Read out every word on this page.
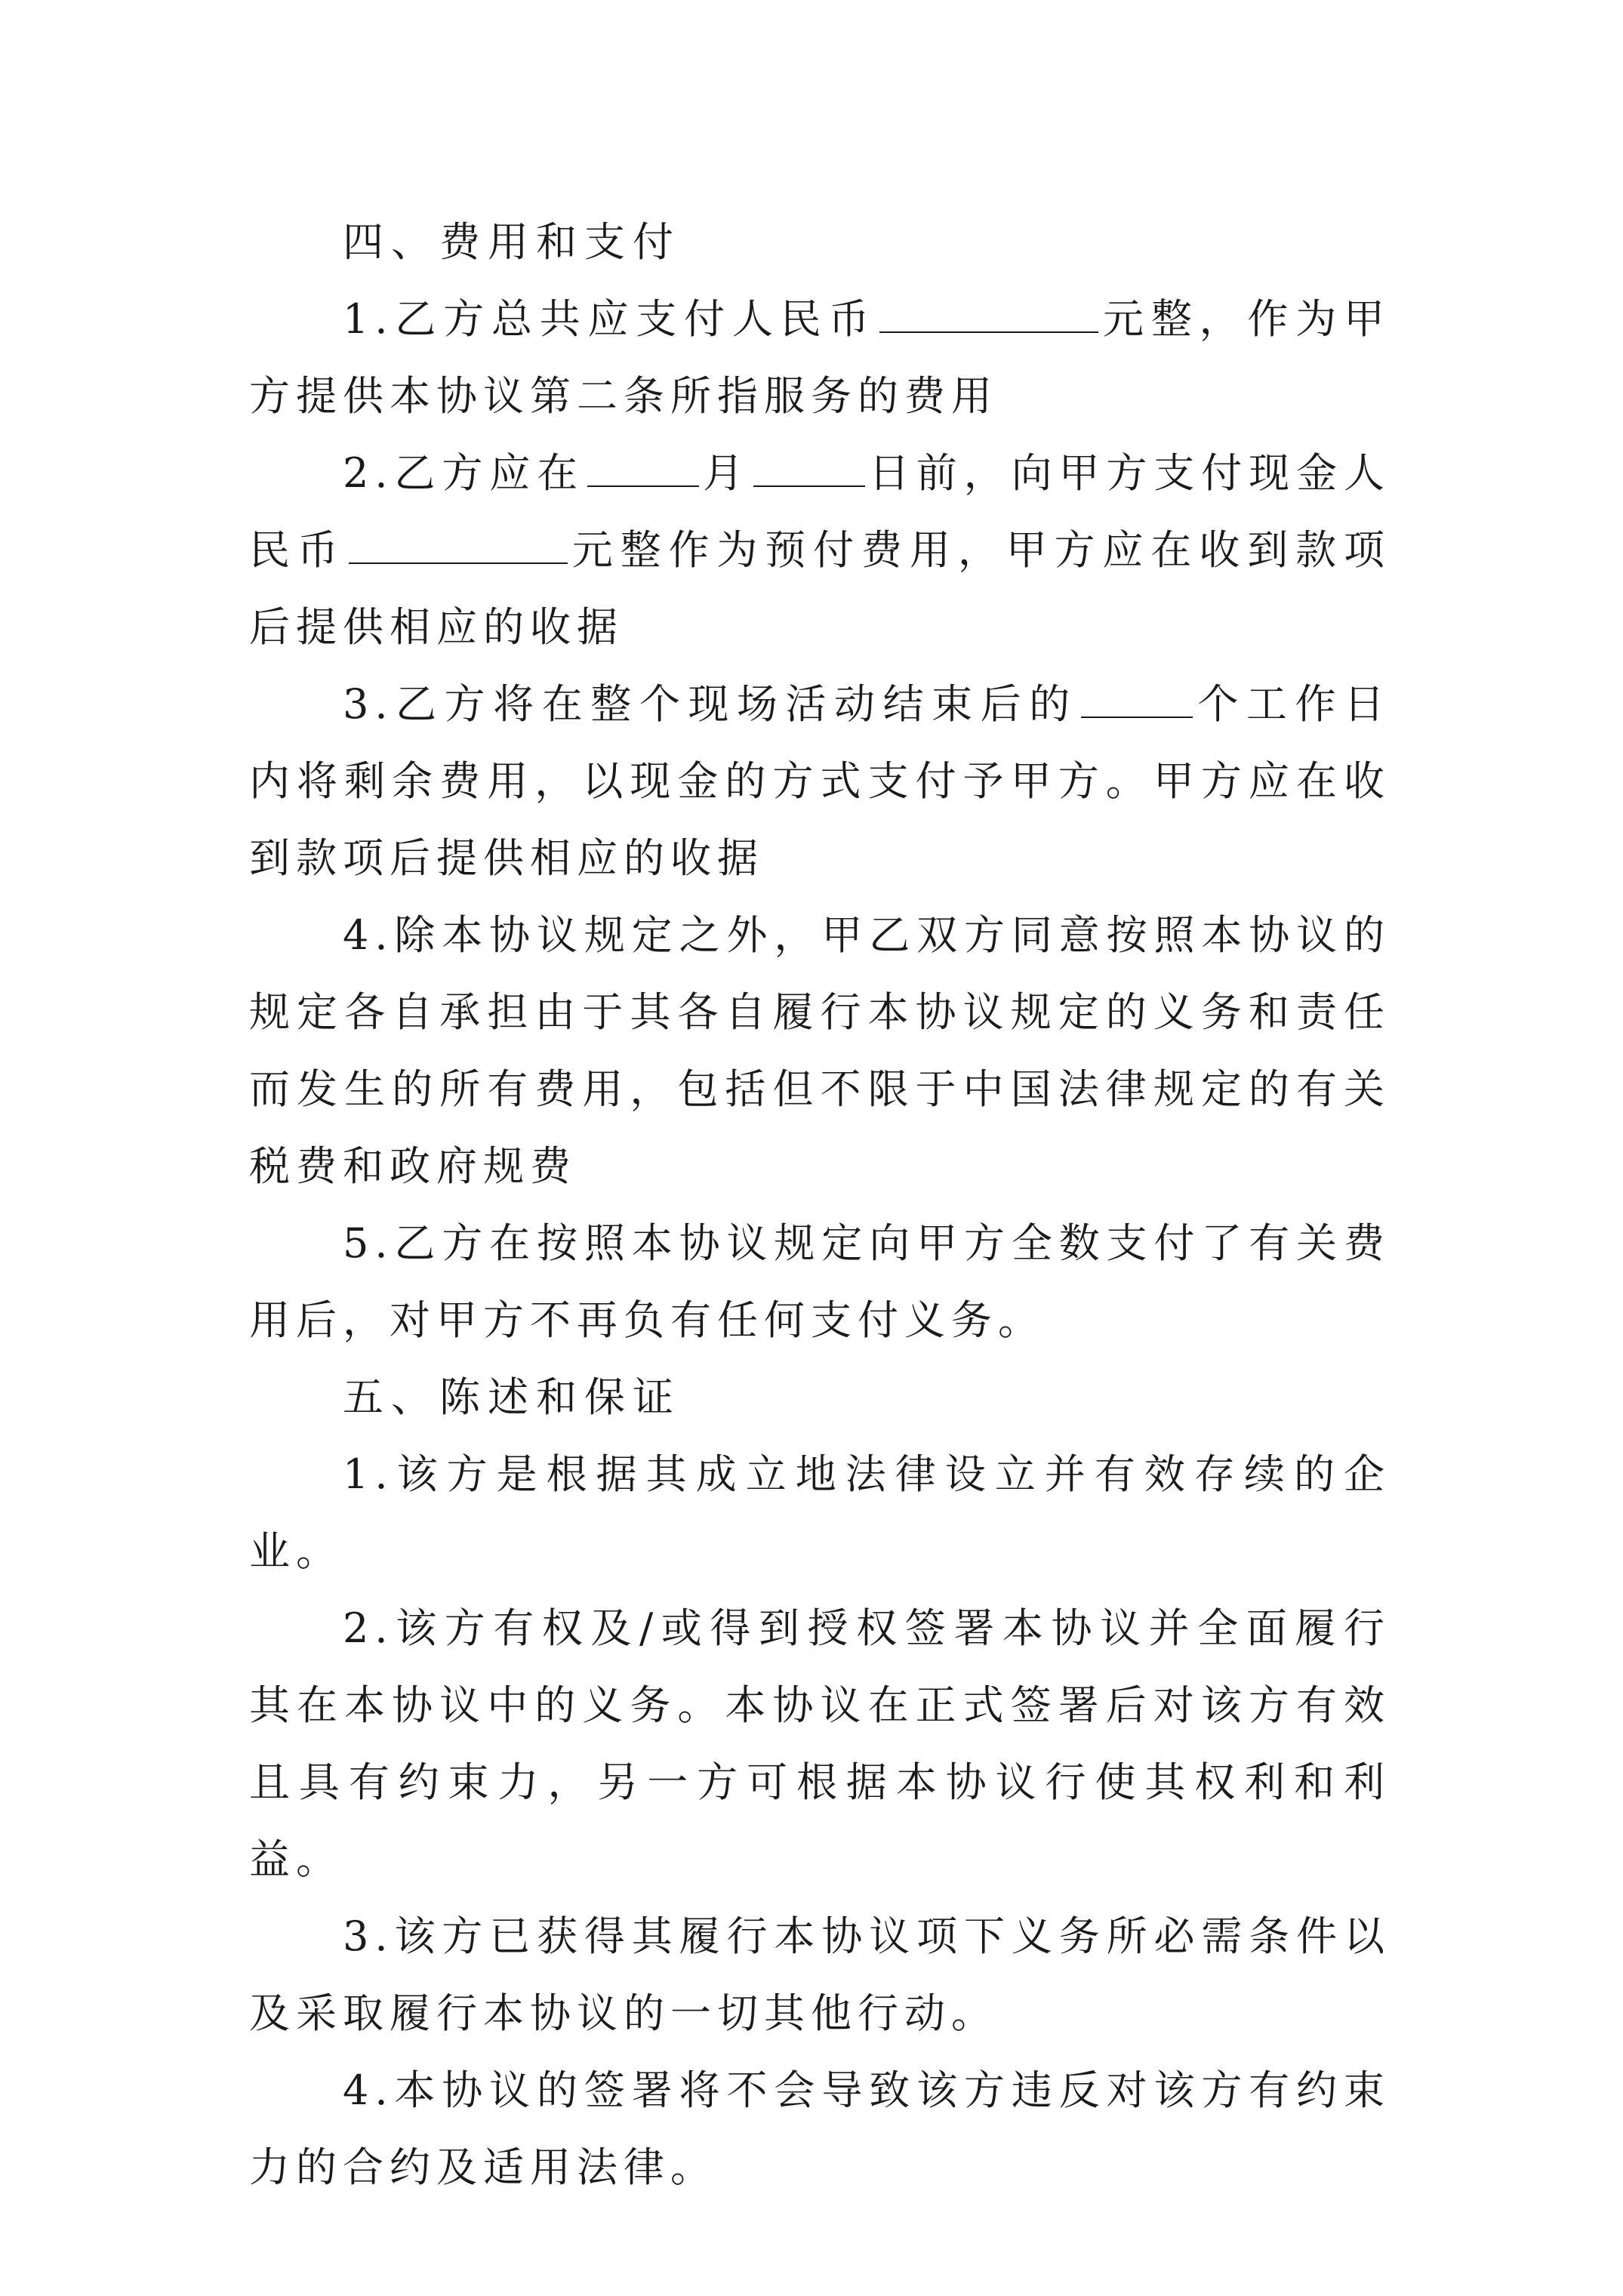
四、费用和支付

1.乙方总共应支付人民币	元整，作为甲方提供本协议第二条所指服务的费用

2.乙方应在	月	日前，向甲方支付现金人民币	元整作为预付费用，甲方应在收到款项后提供相应的收据

3.乙方将在整个现场活动结束后的	个工作日内将剩余费用，以现金的方式支付予甲方。甲方应在收到款项后提供相应的收据

4.除本协议规定之外，甲乙双方同意按照本协议的规定各自承担由于其各自履行本协议规定的义务和责任而发生的所有费用，包括但不限于中国法律规定的有关税费和政府规费

5.乙方在按照本协议规定向甲方全数支付了有关费用后，对甲方不再负有任何支付义务。

五、陈述和保证

1.该方是根据其成立地法律设立并有效存续的企业。

2.该方有权及/或得到授权签署本协议并全面履行其在本协议中的义务。本协议在正式签署后对该方有效且具有约束力，另一方可根据本协议行使其权利和利益。

3.该方已获得其履行本协议项下义务所必需条件以及采取履行本协议的一切其他行动。

4.本协议的签署将不会导致该方违反对该方有约束力的合约及适用法律。
